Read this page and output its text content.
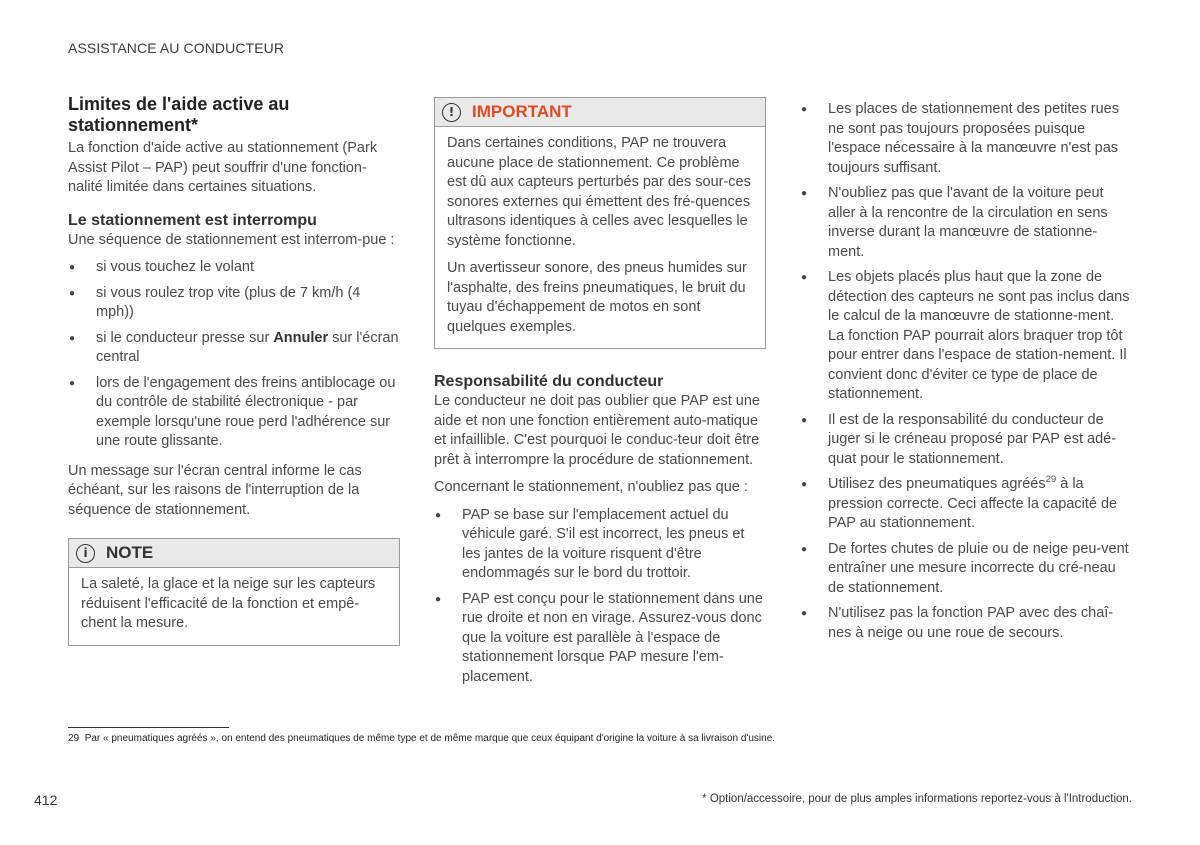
ASSISTANCE AU CONDUCTEUR
Limites de l'aide active au stationnement*

La fonction d'aide active au stationnement (Park Assist Pilot – PAP) peut souffrir d'une fonction-nalité limitée dans certaines situations.

Le stationnement est interrompu

Une séquence de stationnement est interrom-pue :

● si vous touchez le volant
● si vous roulez trop vite (plus de 7 km/h (4 mph))
● si le conducteur presse sur Annuler sur l'écran central
● lors de l'engagement des freins antiblocage ou du contrôle de stabilité électronique - par exemple lorsqu'une roue perd l'adhérence sur une route glissante.

Un message sur l'écran central informe le cas échéant, sur les raisons de l'interruption de la séquence de stationnement.

i	NOTE

La saleté, la glace et la neige sur les capteurs réduisent l'efficacité de la fonction et empê-chent la mesure.

!	IMPORTANT

Dans certaines conditions, PAP ne trouvera aucune place de stationnement. Ce problème est dû aux capteurs perturbés par des sour-ces sonores externes qui émettent des fré-quences ultrasons identiques à celles avec lesquelles le système fonctionne.

Un avertisseur sonore, des pneus humides sur l'asphalte, des freins pneumatiques, le bruit du tuyau d'échappement de motos en sont quelques exemples.

Responsabilité du conducteur

Le conducteur ne doit pas oublier que PAP est une aide et non une fonction entièrement auto-matique et infaillible. C'est pourquoi le conduc-teur doit être prêt à interrompre la procédure de stationnement.

Concernant le stationnement, n'oubliez pas que :

● PAP se base sur l'emplacement actuel du véhicule garé. S'il est incorrect, les pneus et les jantes de la voiture risquent d'être endommagés sur le bord du trottoir.
● PAP est conçu pour le stationnement dans une rue droite et non en virage. Assurez-vous donc que la voiture est parallèle à l'espace de stationnement lorsque PAP mesure l'em-placement.
● Les places de stationnement des petites rues ne sont pas toujours proposées puisque l'espace nécessaire à la manœuvre n'est pas toujours suffisant.
● N'oubliez pas que l'avant de la voiture peut aller à la rencontre de la circulation en sens inverse durant la manœuvre de stationne-ment.
● Les objets placés plus haut que la zone de détection des capteurs ne sont pas inclus dans le calcul de la manœuvre de stationne-ment. La fonction PAP pourrait alors braquer trop tôt pour entrer dans l'espace de station-nement. Il convient donc d'éviter ce type de place de stationnement.
● Il est de la responsabilité du conducteur de juger si le créneau proposé par PAP est adé-quat pour le stationnement.
● Utilisez des pneumatiques agréés$^{29}$ à la pression correcte. Ceci affecte la capacité de PAP au stationnement.
● De fortes chutes de pluie ou de neige peu-vent entraîner une mesure incorrecte du cré-neau de stationnement.
● N'utilisez pas la fonction PAP avec des chaî-nes à neige ou une roue de secours.
29 Par « pneumatiques agréés », on entend des pneumatiques de même type et de même marque que ceux équipant d'origine la voiture à sa livraison d'usine.
412	* Option/accessoire, pour de plus amples informations reportez-vous à l'Introduction.
